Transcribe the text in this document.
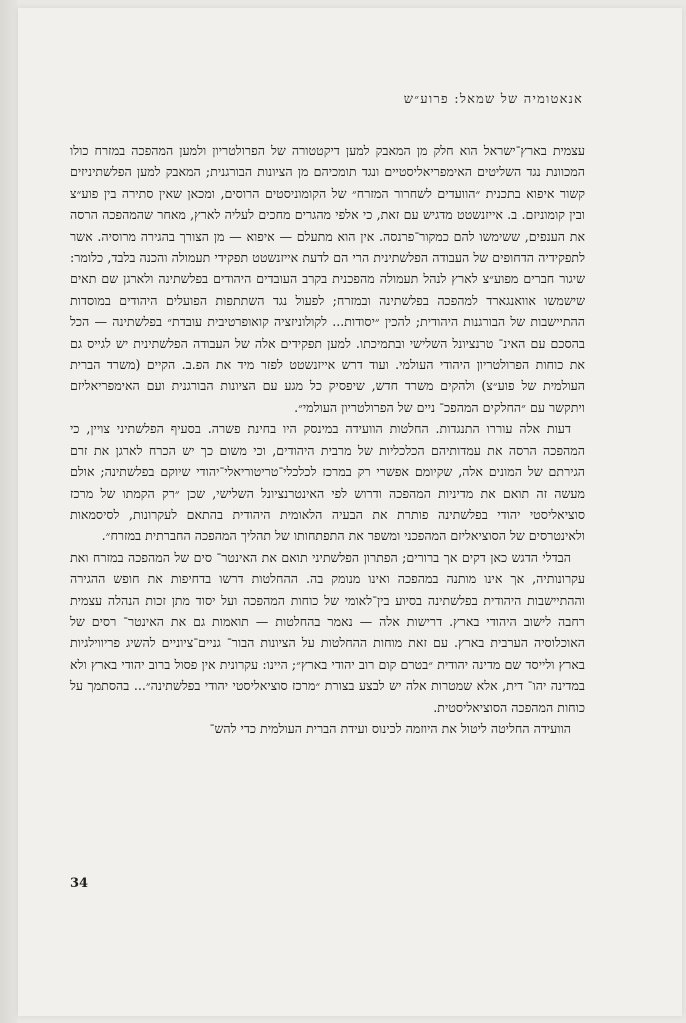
אנאטומיה של שמאל: פרוע״ש

עצמית בארץ־ישראל הוא חלק מן המאבק למען דיקטטורה של הפרולטריון ולמען המהפכה במזרח כולו המכוונת נגד השליטים האימפריאליסטיים ונגד תומכיהם מן הציונות הבורגנית; המאבק למען הפלשתיניזים קשור איפוא בתכנית ״הוועדים לשחרור המזרח״ של הקומוניסטים הרוסים, ומכאן שאין סתירה בין פוע״צ ובין קומוניזם. ב. אייזנשטט מדגיש עם זאת, כי אלפי מהגרים מחכים לעליה לארץ, מאחר שהמהפכה הרסה את הענפים, ששימשו להם כמקור־פרנסה. אין הוא מתעלם — איפוא — מן הצורך בהגירה מרוסיה. אשר לתפקידיה הדחופים של העבודה הפלשתינית הרי הם לדעת אייזנשטט תפקידי תעמולה והכנה בלבד, כלומר: שיגור חברים מפוע״צ לארץ לנהל תעמולה מהפכנית בקרב העובדים היהודים בפלשתינה ולארגן שם תאים שישמשו אוואנגארד למהפכה בפלשתינה ובמזרח; לפעול נגד השתתפות הפועלים היהודים במוסדות ההתיישבות של הבורגנות היהודית; להכין ״יסודות... לקולוניזציה קואופרטיבית עובדת״ בפלשתינה — הכל בהסכם עם האינ־ טרנציונל השלישי ובתמיכתו. למען תפקידים אלה של העבודה הפלשתינית יש לגייס גם את כוחות הפרולטריון היהודי העולמי. ועוד דרש אייזנשטט לפזר מיד את הפ.ב. הקיים (משרד הברית העולמית של פוע״צ) ולהקים משרד חדש, שיפסיק כל מגע עם הציונות הבורגנית ועם האימפריאליזם ויתקשר עם ״החלקים המהפכ־ ניים של הפרולטריון העולמי״.

דעות אלה עוררו התנגדות. החלטות הוועידה במינסק היו בחינת פשרה. בסעיף הפלשתיני צויין, כי המהפכה הרסה את עמדותיהם הכלכליות של מרבית היהודים, וכי משום כך יש הכרח לארגן את זרם הגירתם של המונים אלה, שקיומם אפשרי רק במרכז לכלכלי־טריטוריאלי־יהודי שיוקם בפלשתינה; אולם מעשה זה תואם את מדיניות המהפכה ודרוש לפי האינטרנציונל השלישי, שכן ״רק הקמתו של מרכז סוציאליסטי יהודי בפלשתינה פותרת את הבעיה הלאומית היהודית בהתאם לעקרונות, לסיסמאות ולאינטרסים של הסוציאליזם המהפכני ומשפר את התפתחותו של תהליך המהפכה החברתית במזרח״.

הבדלי הדגש כאן דקים אך ברורים; הפתרון הפלשתיני תואם את האינטר־ סים של המהפכה במזרח ואת עקרונותיה, אך אינו מותנה במהפכה ואינו מנומק בה. ההחלטות דרשו בדחיפות את חופש ההגירה וההתיישבות היהודית בפלשתינה בסיוע בין־לאומי של כוחות המהפכה ועל יסוד מתן זכות הנהלה עצמית רחבה לישוב היהודי בארץ. דרישות אלה — נאמר בהחלטות — תואמות גם את האינטר־ רסים של האוכלוסיה הערבית בארץ. עם זאת מוחות ההחלטות על הציונות הבור־ גניים־ציוניים להשיג פריווילגיות בארץ ולייסד שם מדינה יהודית ״בטרם קום רוב יהודי בארץ״; היינו: עקרונית אין פסול ברוב יהודי בארץ ולא במדינה יהו־ דית, אלא שמטרות אלה יש לבצע בצורת ״מרכז סוציאליסטי יהודי בפלשתינה״... בהסתמך על כוחות המהפכה הסוציאליסטית.

הוועידה החליטה ליטול את היוזמה לכינוס ועידת הברית העולמית כדי להש־

34
